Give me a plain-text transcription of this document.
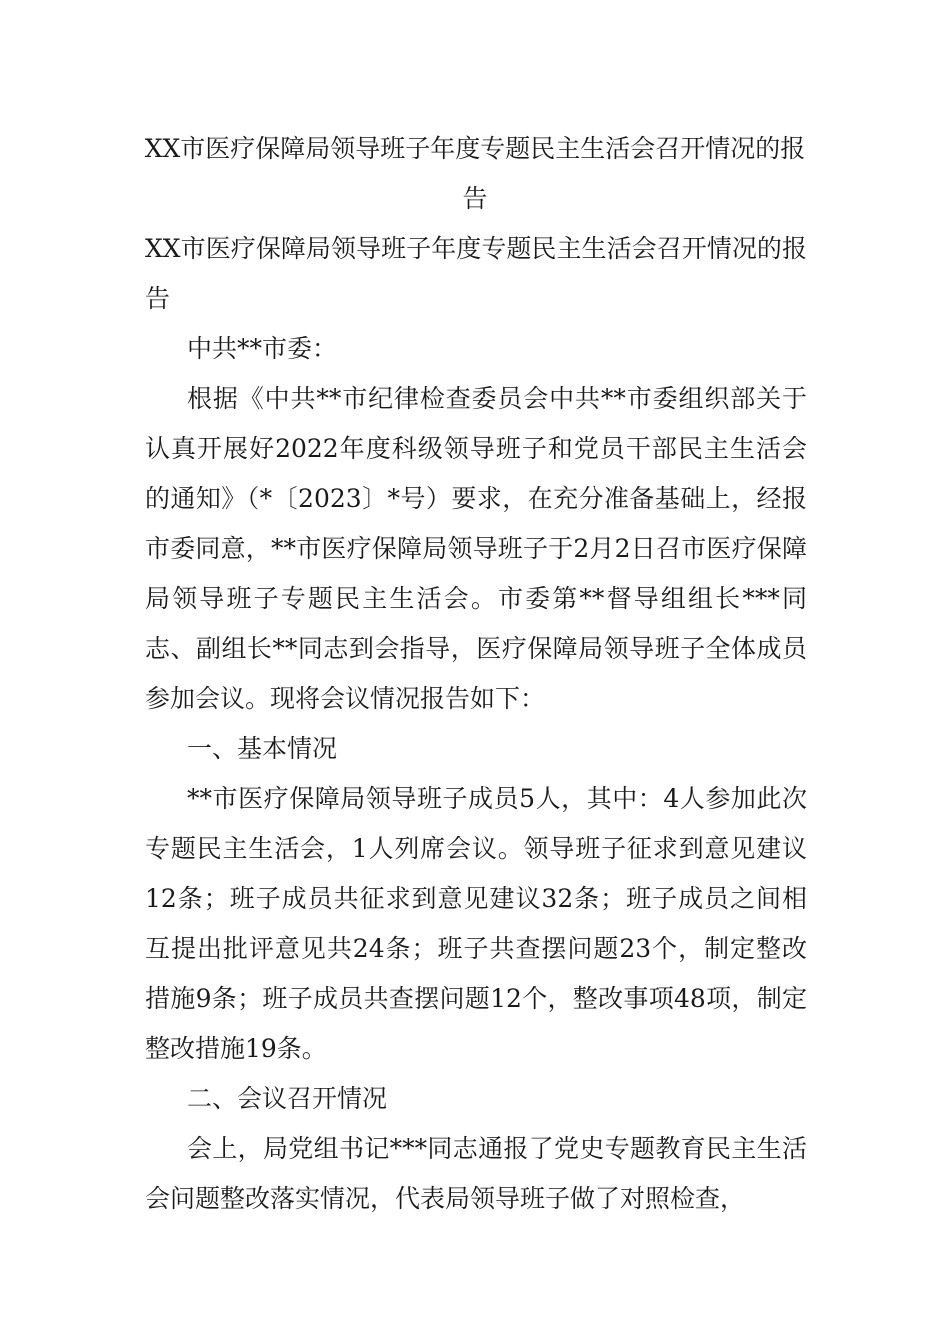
XX市医疗保障局领导班子年度专题民主生活会召开情况的报告

XX市医疗保障局领导班子年度专题民主生活会召开情况的报告

中共**市委：

根据《中共**市纪律检查委员会中共**市委组织部关于认真开展好2022年度科级领导班子和党员干部民主生活会的通知》（*〔2023〕*号）要求，在充分准备基础上，经报市委同意，**市医疗保障局领导班子于2月2日召市医疗保障局领导班子专题民主生活会。市委第**督导组组长***同志、副组长**同志到会指导，医疗保障局领导班子全体成员参加会议。现将会议情况报告如下：

一、基本情况

**市医疗保障局领导班子成员5人，其中：4人参加此次专题民主生活会，1人列席会议。领导班子征求到意见建议12条；班子成员共征求到意见建议32条；班子成员之间相互提出批评意见共24条；班子共查摆问题23个，制定整改措施9条；班子成员共查摆问题12个，整改事项48项，制定整改措施19条。

二、会议召开情况

会上，局党组书记***同志通报了党史专题教育民主生活会问题整改落实情况，代表局领导班子做了对照检查，
